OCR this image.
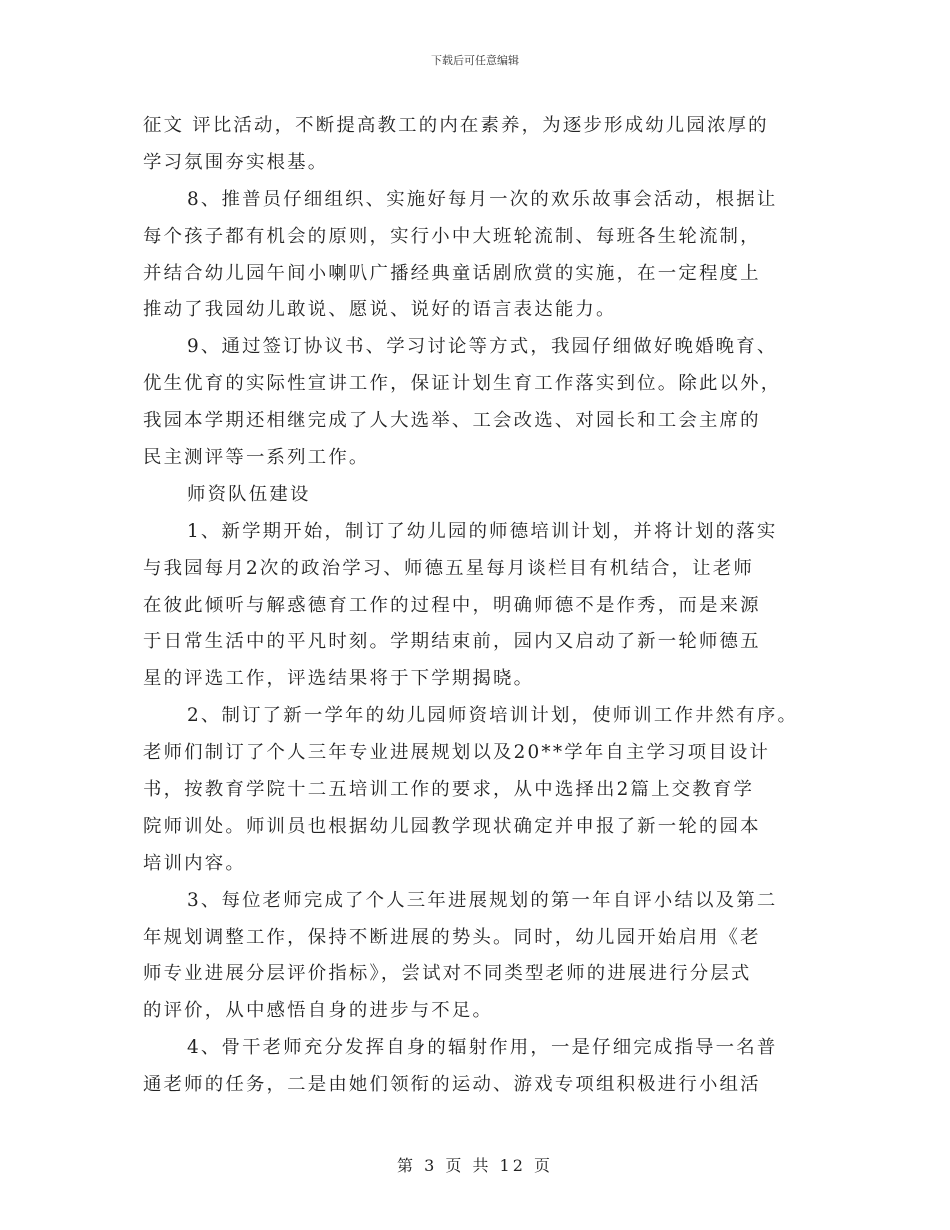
下载后可任意编辑
征文 评比活动，不断提高教工的内在素养，为逐步形成幼儿园浓厚的
学习氛围夯实根基。
8、推普员仔细组织、实施好每月一次的欢乐故事会活动，根据让
每个孩子都有机会的原则，实行小中大班轮流制、每班各生轮流制，
并结合幼儿园午间小喇叭广播经典童话剧欣赏的实施，在一定程度上
推动了我园幼儿敢说、愿说、说好的语言表达能力。
9、通过签订协议书、学习讨论等方式，我园仔细做好晚婚晚育、
优生优育的实际性宣讲工作，保证计划生育工作落实到位。除此以外，
我园本学期还相继完成了人大选举、工会改选、对园长和工会主席的
民主测评等一系列工作。
师资队伍建设
1、新学期开始，制订了幼儿园的师德培训计划，并将计划的落实
与我园每月2次的政治学习、师德五星每月谈栏目有机结合，让老师
在彼此倾听与解惑德育工作的过程中，明确师德不是作秀，而是来源
于日常生活中的平凡时刻。学期结束前，园内又启动了新一轮师德五
星的评选工作，评选结果将于下学期揭晓。
2、制订了新一学年的幼儿园师资培训计划，使师训工作井然有序。
老师们制订了个人三年专业进展规划以及20**学年自主学习项目设计
书，按教育学院十二五培训工作的要求，从中选择出2篇上交教育学
院师训处。师训员也根据幼儿园教学现状确定并申报了新一轮的园本
培训内容。
3、每位老师完成了个人三年进展规划的第一年自评小结以及第二
年规划调整工作，保持不断进展的势头。同时，幼儿园开始启用《老
师专业进展分层评价指标》，尝试对不同类型老师的进展进行分层式
的评价，从中感悟自身的进步与不足。
4、骨干老师充分发挥自身的辐射作用，一是仔细完成指导一名普
通老师的任务，二是由她们领衔的运动、游戏专项组积极进行小组活
第 3 页 共 12 页
